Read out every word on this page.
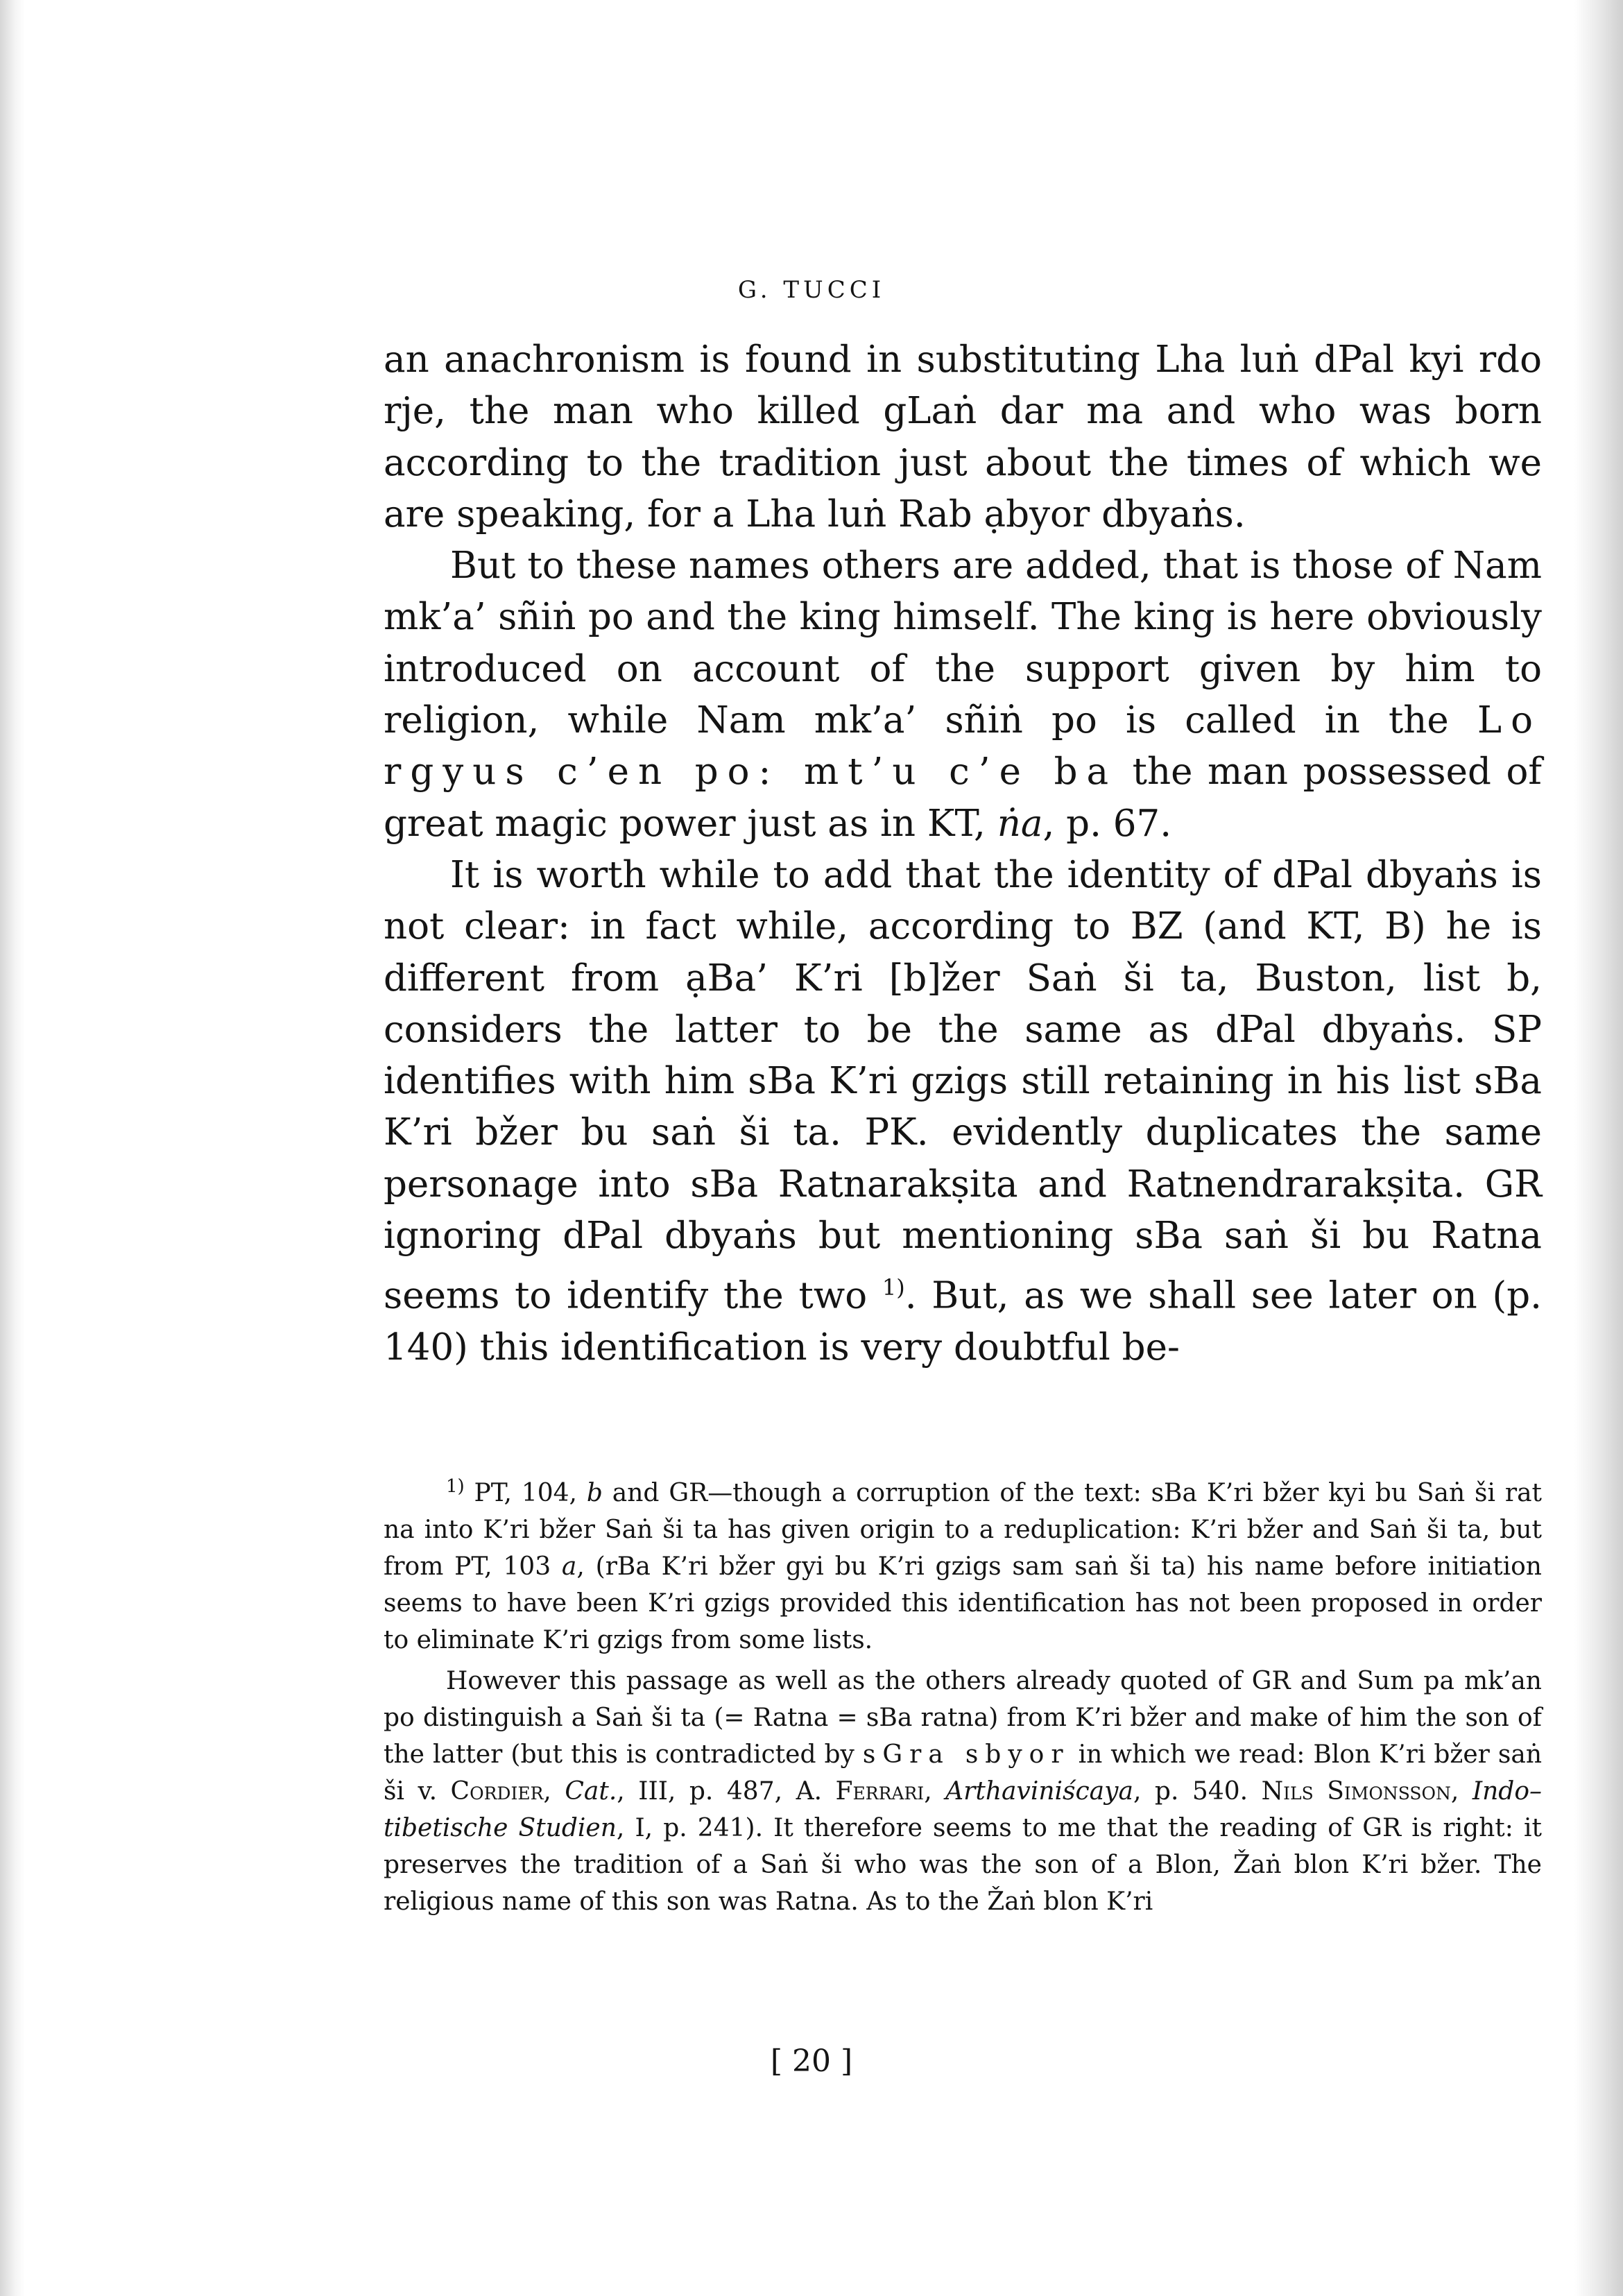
G. TUCCI

an anachronism is found in substituting Lha luṅ dPal kyi rdo rje, the man who killed gLaṅ dar ma and who was born according to the tradition just about the times of which we are speaking, for a Lha luṅ Rab ạbyor dbyaṅs.

But to these names others are added, that is those of Nam mk’a’ sñiṅ po and the king himself. The king is here obviously introduced on account of the support given by him to religion, while Nam mk’a’ sñiṅ po is called in the Lo rgyus c’en po: mt’u c’e ba the man possessed of great magic power just as in KT, ṅa, p. 67.

It is worth while to add that the identity of dPal dbyaṅs is not clear: in fact while, according to BZ (and KT, B) he is different from ạBa’ K’ri [b]žer Saṅ ši ta, Buston, list b, considers the latter to be the same as dPal dbyaṅs. SP identifies with him sBa K’ri gzigs still retaining in his list sBa K’ri bžer bu saṅ ši ta. PK. evidently duplicates the same personage into sBa Ratnarakṣita and Ratnendrarakṣita. GR ignoring dPal dbyaṅs but mentioning sBa saṅ ši bu Ratna seems to identify the two $^{1)}$. But, as we shall see later on (p. 140) this identification is very doubtful be-

$^{1)}$ PT, 104, b and GR—though a corruption of the text: sBa K’ri bžer kyi bu Saṅ ši rat na into K’ri bžer Saṅ ši ta has given origin to a reduplication: K’ri bžer and Saṅ ši ta, but from PT, 103 a, (rBa K’ri bžer gyi bu K’ri gzigs sam saṅ ši ta) his name before initiation seems to have been K’ri gzigs provided this identification has not been proposed in order to eliminate K’ri gzigs from some lists.

However this passage as well as the others already quoted of GR and Sum pa mk’an po distinguish a Saṅ ši ta (= Ratna = sBa ratna) from K’ri bžer and make of him the son of the latter (but this is contradicted by sGra sbyor in which we read: Blon K’ri bžer saṅ ši v. Cordier, Cat., III, p. 487, A. Ferrari, Arthaviniścaya, p. 540. Nils Simonsson, Indo–tibetische Studien, I, p. 241). It therefore seems to me that the reading of GR is right: it preserves the tradition of a Saṅ ši who was the son of a Blon, Žaṅ blon K’ri bžer. The religious name of this son was Ratna. As to the Žaṅ blon K’ri

[ 20 ]
